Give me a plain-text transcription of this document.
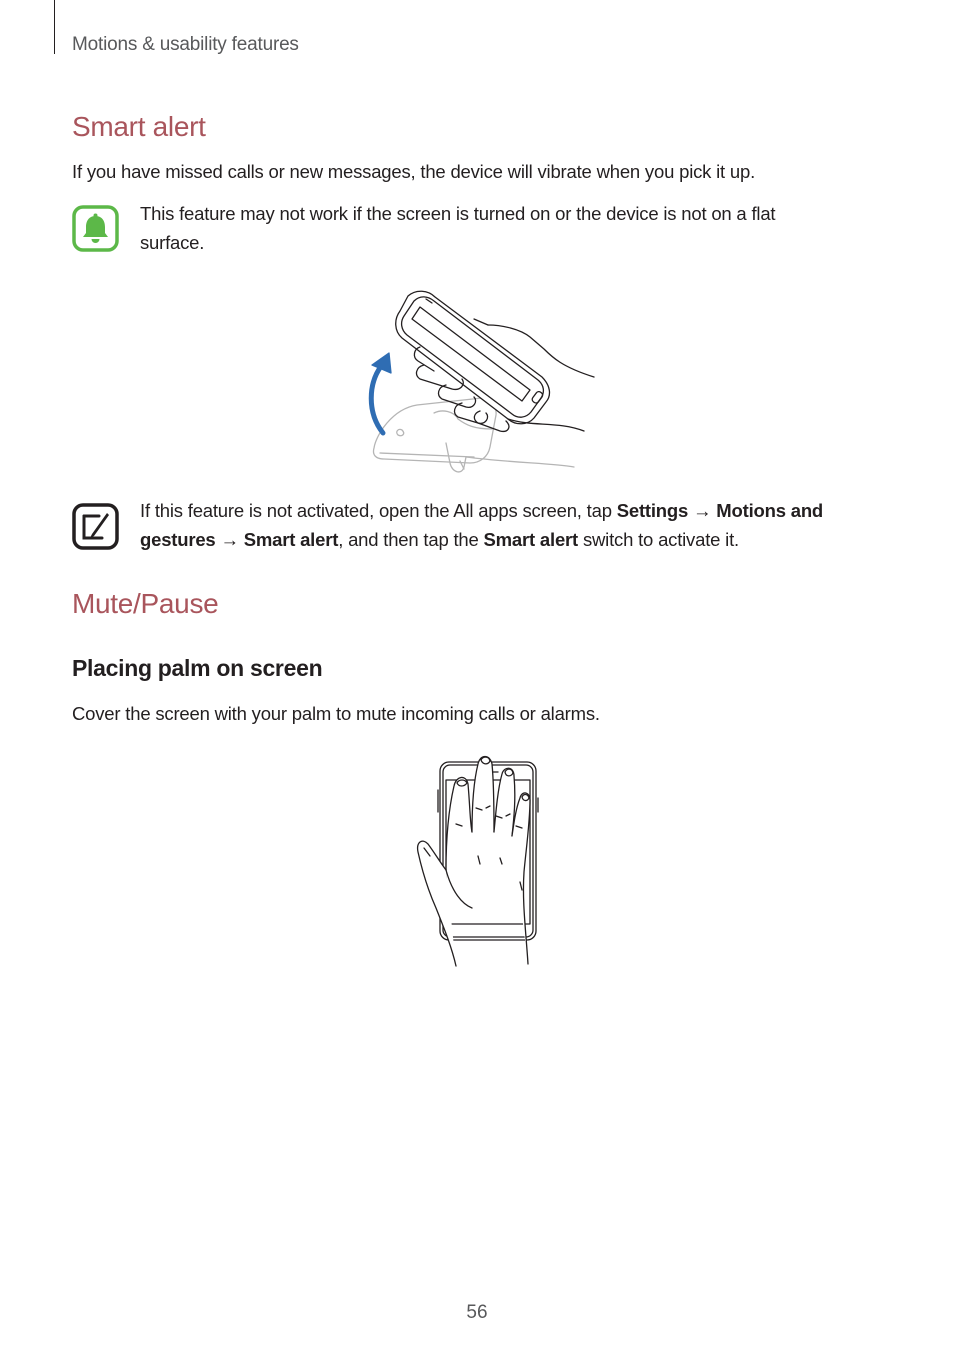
Motions & usability features
Smart alert
If you have missed calls or new messages, the device will vibrate when you pick it up.
This feature may not work if the screen is turned on or the device is not on a flat
surface.
If this feature is not activated, open the All apps screen, tap Settings → Motions and
gestures → Smart alert, and then tap the Smart alert switch to activate it.
Mute/Pause
Placing palm on screen
Cover the screen with your palm to mute incoming calls or alarms.
56
